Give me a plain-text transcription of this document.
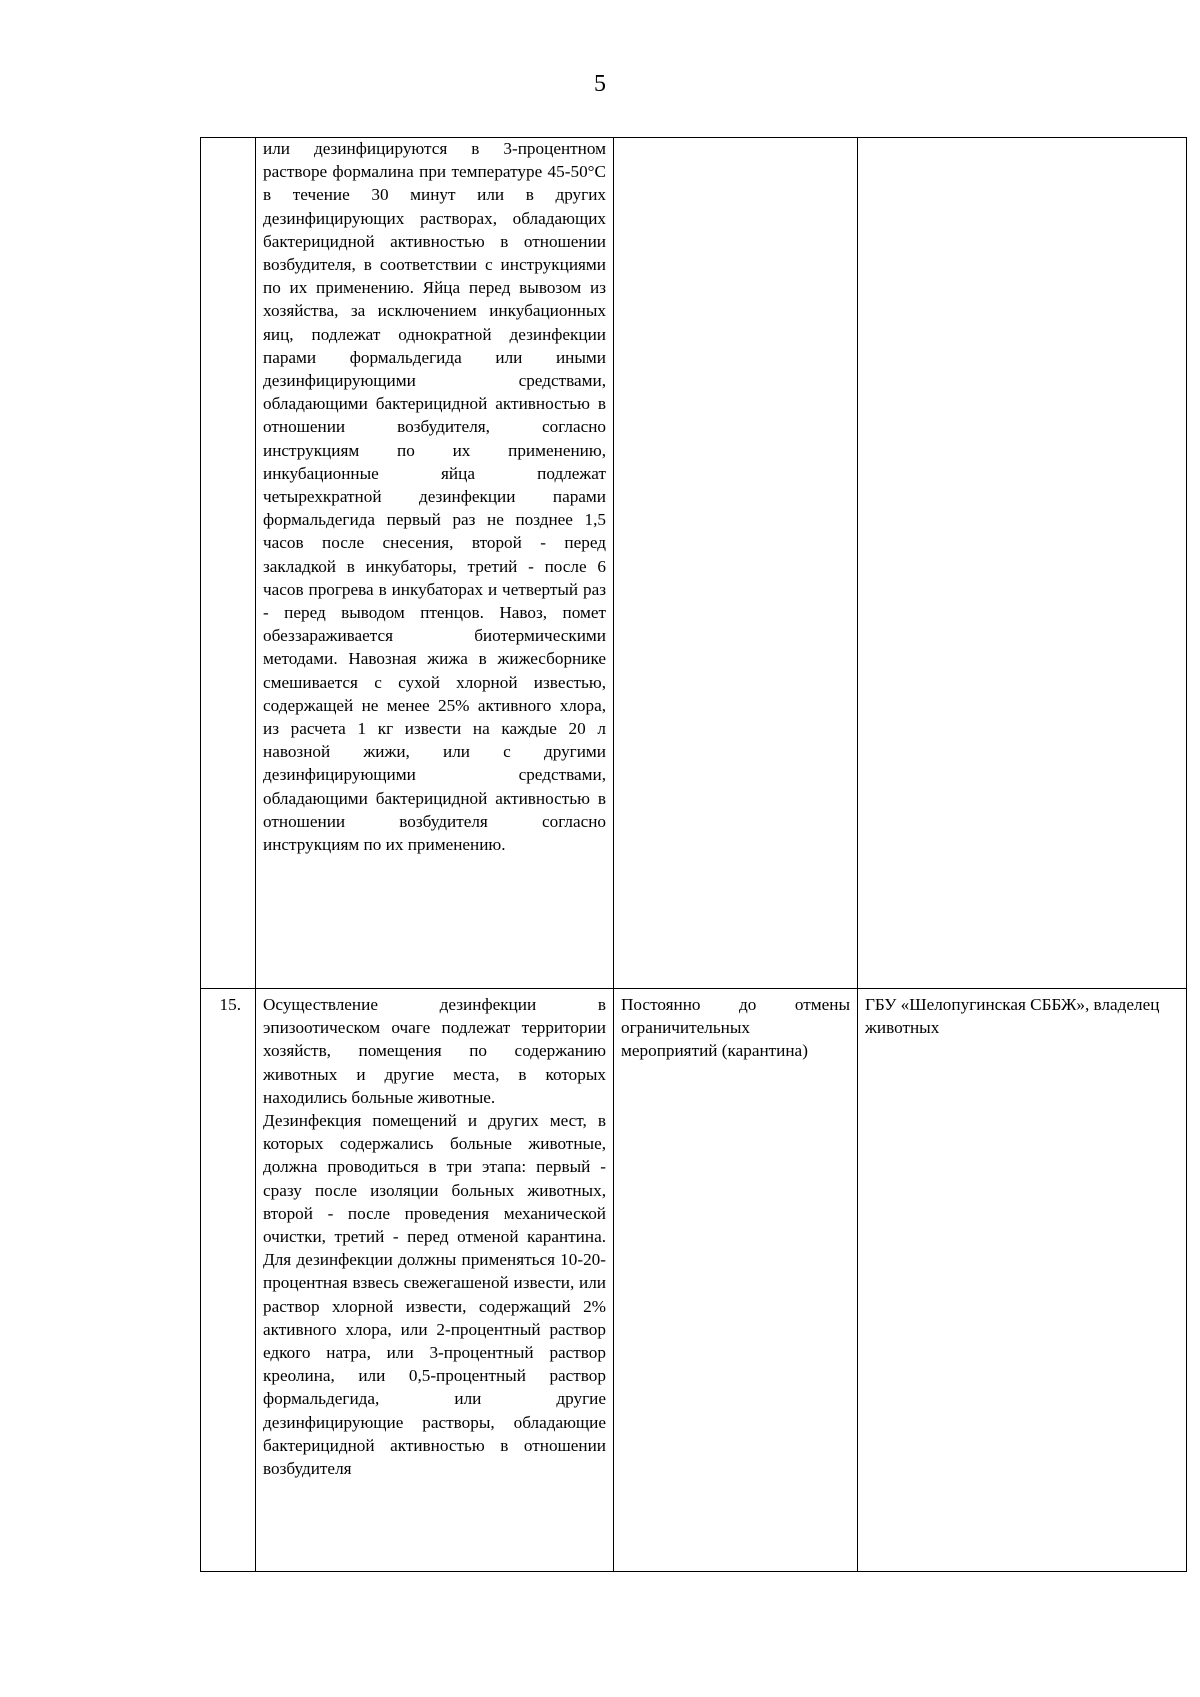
5

	или дезинфицируются в 3-процентном растворе формалина при температуре 45-50°С в течение 30 минут или в других дезинфицирующих растворах, обладающих бактерицидной активностью в отношении возбудителя, в соответствии с инструкциями по их применению. Яйца перед вывозом из хозяйства, за исключением инкубационных яиц, подлежат однократной дезинфекции парами формальдегида или иными дезинфицирующими средствами, обладающими бактерицидной активностью в отношении возбудителя, согласно инструкциям по их применению, инкубационные яйца подлежат четырехкратной дезинфекции парами формальдегида первый раз не позднее 1,5 часов после снесения, второй - перед закладкой в инкубаторы, третий - после 6 часов прогрева в инкубаторах и четвертый раз - перед выводом птенцов. Навоз, помет обеззараживается биотермическими методами. Навозная жижа в жижесборнике смешивается с сухой хлорной известью, содержащей не менее 25% активного хлора, из расчета 1 кг извести на каждые 20 л навозной жижи, или с другими дезинфицирующими средствами, обладающими бактерицидной активностью в отношении возбудителя согласно инструкциям по их применению.		

15.	Осуществление дезинфекции в эпизоотическом очаге подлежат территории хозяйств, помещения по содержанию животных и другие места, в которых находились больные животные.

Дезинфекция помещений и других мест, в которых содержались больные животные, должна проводиться в три этапа: первый - сразу после изоляции больных животных, второй - после проведения механической очистки, третий - перед отменой карантина. Для дезинфекции должны применяться 10-20-процентная взвесь свежегашеной извести, или раствор хлорной извести, содержащий 2% активного хлора, или 2-процентный раствор едкого натра, или 3-процентный раствор креолина, или 0,5-процентный раствор формальдегида, или другие дезинфицирующие растворы, обладающие бактерицидной активностью в отношении возбудителя	Постоянно до отмены ограничительных мероприятий (карантина)	ГБУ «Шелопугинская СББЖ», владелец животных
